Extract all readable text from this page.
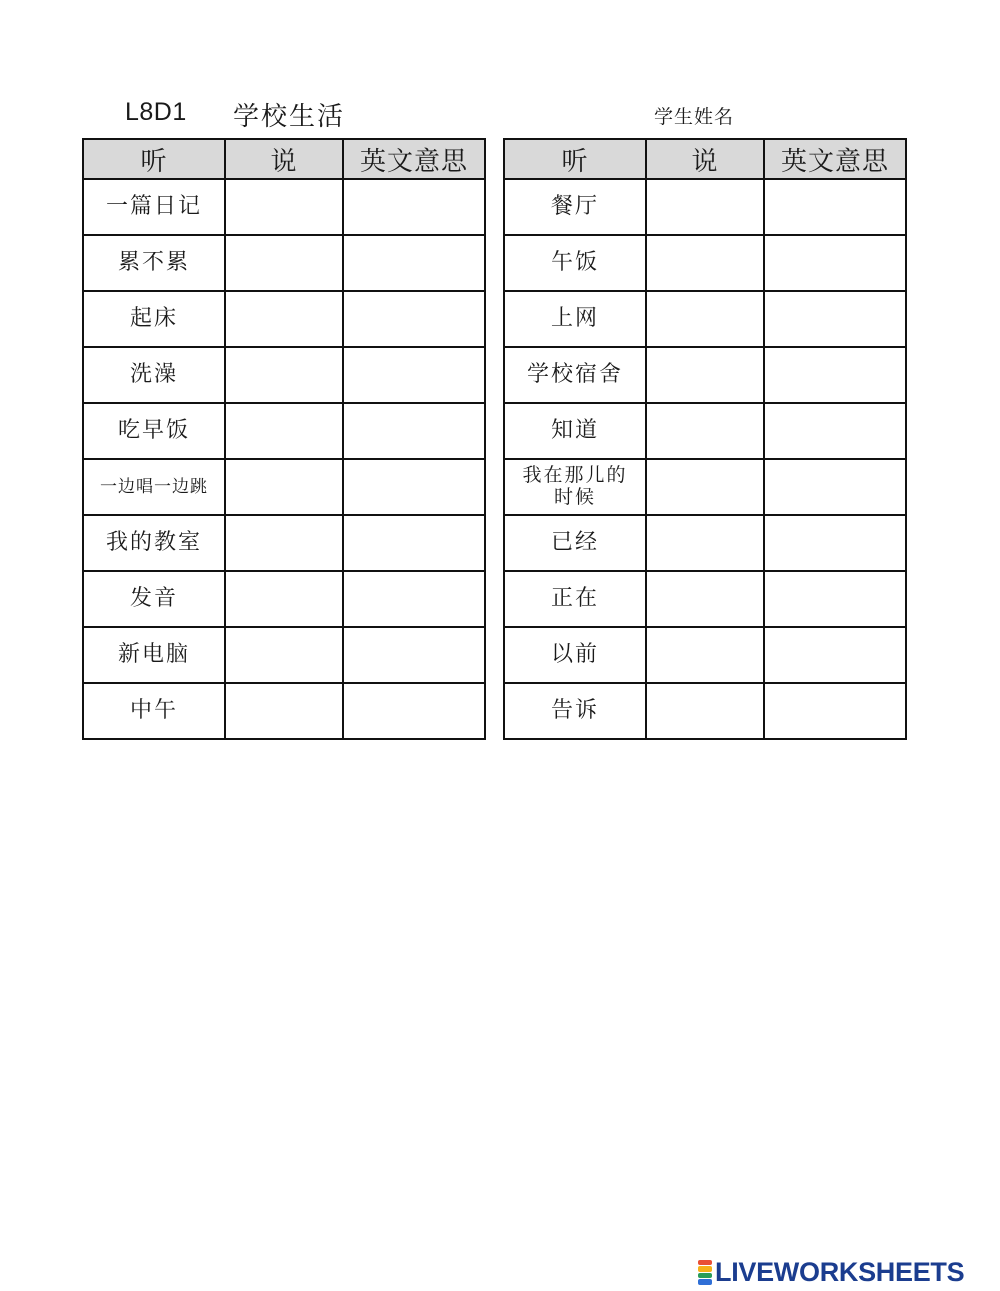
L8D1 学校生活	学生姓名
听	说	英文意思
一篇日记		
累不累		
起床		
洗澡		
吃早饭		
一边唱一边跳		
我的教室		
发音		
新电脑		
中午		
听	说	英文意思
餐厅		
午饭		
上网		
学校宿舍		
知道		
我在那儿的时候		
已经		
正在		
以前		
告诉		
LIVEWORKSHEETS
